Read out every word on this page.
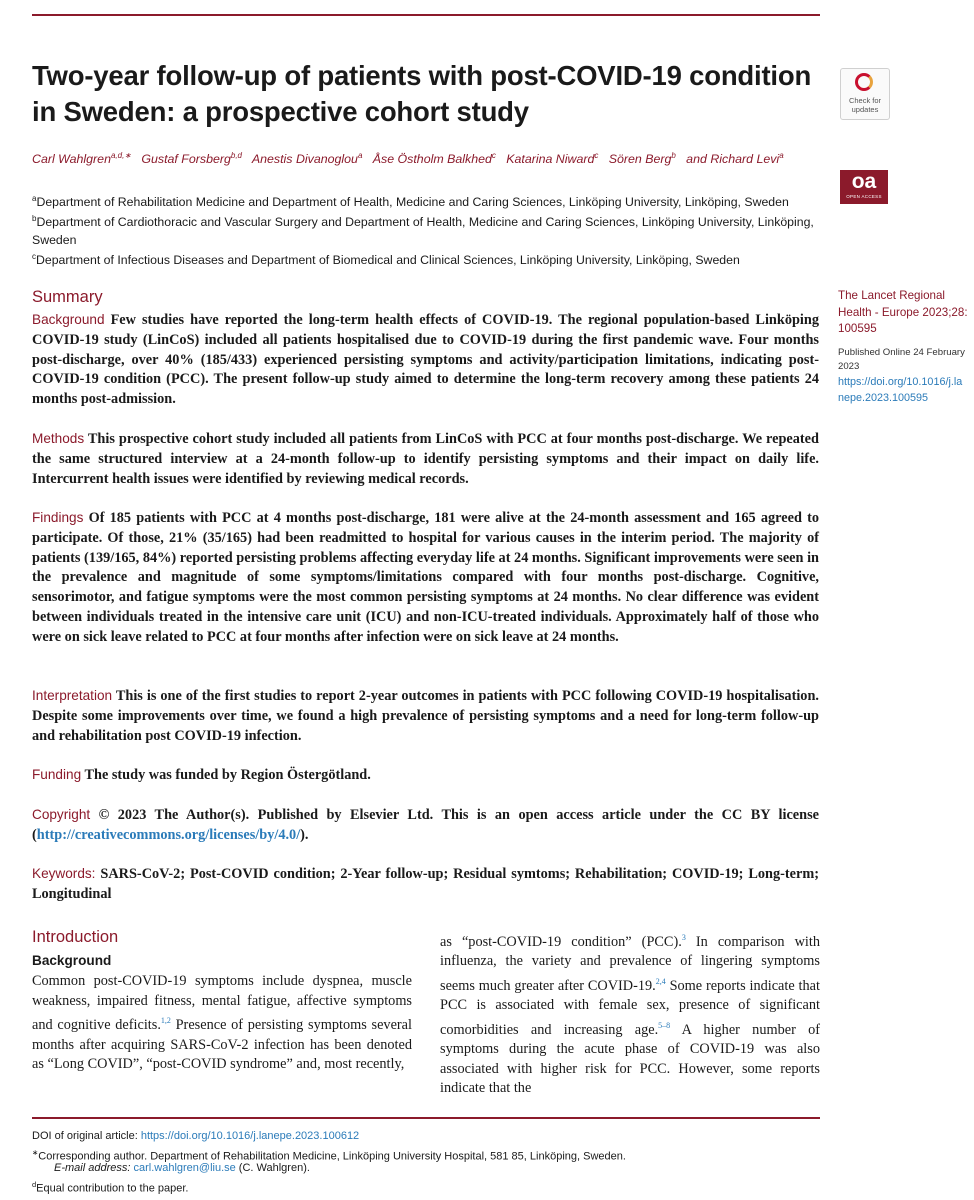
Two-year follow-up of patients with post-COVID-19 condition in Sweden: a prospective cohort study
Carl Wahlgren$^{a,d,∗}$ Gustaf Forsberg$^{b,d}$ Anestis Divanoglou$^a$ Åse Östholm Balkhed$^c$ Katarina Niward$^c$ Sören Berg$^b$ and Richard Levi$^a$
$^a$Department of Rehabilitation Medicine and Department of Health, Medicine and Caring Sciences, Linköping University, Linköping, Sweden
$^b$Department of Cardiothoracic and Vascular Surgery and Department of Health, Medicine and Caring Sciences, Linköping University, Linköping, Sweden
$^c$Department of Infectious Diseases and Department of Biomedical and Clinical Sciences, Linköping University, Linköping, Sweden
Check for updates
oa
OPEN ACCESS
The Lancet Regional Health - Europe 2023;28: 100595
Published Online 24 February 2023
https://doi.org/10.1016/j.lanepe.2023.100595
Summary
Background Few studies have reported the long-term health effects of COVID-19. The regional population-based Linköping COVID-19 study (LinCoS) included all patients hospitalised due to COVID-19 during the first pandemic wave. Four months post-discharge, over 40% (185/433) experienced persisting symptoms and activity/participation limitations, indicating post-COVID-19 condition (PCC). The present follow-up study aimed to determine the long-term recovery among these patients 24 months post-admission.
Methods This prospective cohort study included all patients from LinCoS with PCC at four months post-discharge. We repeated the same structured interview at a 24-month follow-up to identify persisting symptoms and their impact on daily life. Intercurrent health issues were identified by reviewing medical records.
Findings Of 185 patients with PCC at 4 months post-discharge, 181 were alive at the 24-month assessment and 165 agreed to participate. Of those, 21% (35/165) had been readmitted to hospital for various causes in the interim period. The majority of patients (139/165, 84%) reported persisting problems affecting everyday life at 24 months. Significant improvements were seen in the prevalence and magnitude of some symptoms/limitations compared with four months post-discharge. Cognitive, sensorimotor, and fatigue symptoms were the most common persisting symptoms at 24 months. No clear difference was evident between individuals treated in the intensive care unit (ICU) and non-ICU-treated individuals. Approximately half of those who were on sick leave related to PCC at four months after infection were on sick leave at 24 months.
Interpretation This is one of the first studies to report 2-year outcomes in patients with PCC following COVID-19 hospitalisation. Despite some improvements over time, we found a high prevalence of persisting symptoms and a need for long-term follow-up and rehabilitation post COVID-19 infection.
Funding The study was funded by Region Östergötland.
Copyright © 2023 The Author(s). Published by Elsevier Ltd. This is an open access article under the CC BY license (http://creativecommons.org/licenses/by/4.0/).
Keywords: SARS-CoV-2; Post-COVID condition; 2-Year follow-up; Residual symtoms; Rehabilitation; COVID-19; Long-term; Longitudinal
Introduction
Background
Common post-COVID-19 symptoms include dyspnea, muscle weakness, impaired fitness, mental fatigue, affective symptoms and cognitive deficits.$^{1,2}$ Presence of persisting symptoms several months after acquiring SARS-CoV-2 infection has been denoted as “Long COVID”, “post-COVID syndrome” and, most recently,
as “post-COVID-19 condition” (PCC).$^3$ In comparison with influenza, the variety and prevalence of lingering symptoms seems much greater after COVID-19.$^{2,4}$ Some reports indicate that PCC is associated with female sex, presence of significant comorbidities and increasing age.$^{5-8}$ A higher number of symptoms during the acute phase of COVID-19 was also associated with higher risk for PCC. However, some reports indicate that the
DOI of original article: https://doi.org/10.1016/j.lanepe.2023.100612
∗Corresponding author. Department of Rehabilitation Medicine, Linköping University Hospital, 581 85, Linköping, Sweden.
E-mail address: carl.wahlgren@liu.se (C. Wahlgren).
$^d$Equal contribution to the paper.
